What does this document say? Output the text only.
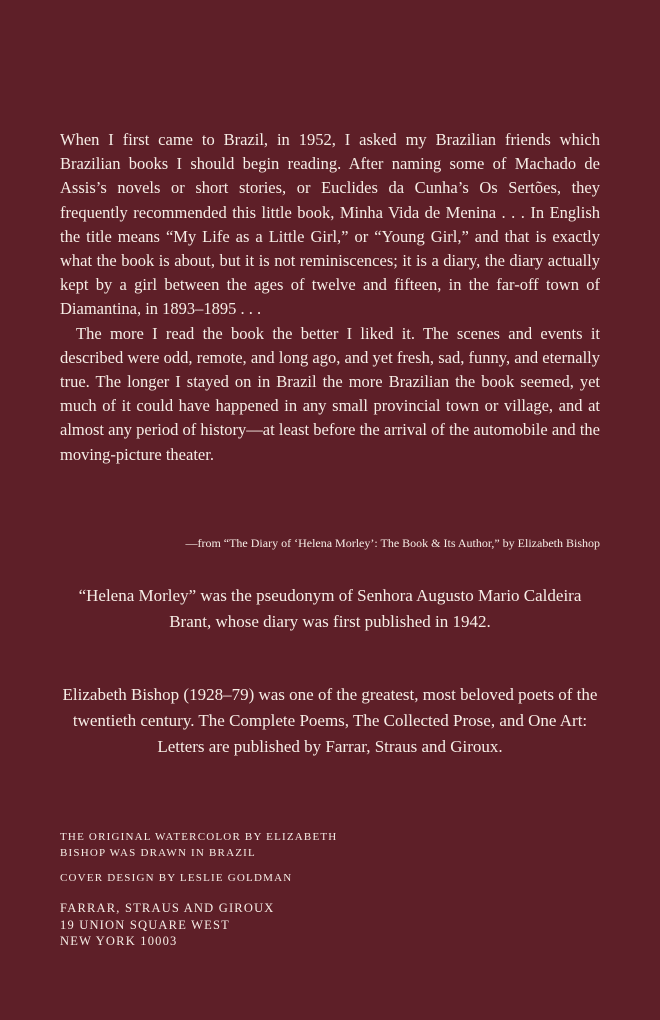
When I first came to Brazil, in 1952, I asked my Brazilian friends which Brazilian books I should begin reading. After naming some of Machado de Assis’s novels or short stories, or Euclides da Cunha’s Os Sertões, they frequently recommended this little book, Minha Vida de Menina . . . In English the title means “My Life as a Little Girl,” or “Young Girl,” and that is exactly what the book is about, but it is not reminiscences; it is a diary, the diary actually kept by a girl between the ages of twelve and fifteen, in the far-off town of Diamantina, in 1893–1895 . . .

The more I read the book the better I liked it. The scenes and events it described were odd, remote, and long ago, and yet fresh, sad, funny, and eternally true. The longer I stayed on in Brazil the more Brazilian the book seemed, yet much of it could have happened in any small provincial town or village, and at almost any period of history—at least before the arrival of the automobile and the moving-picture theater.

—from “The Diary of ‘Helena Morley’: The Book & Its Author,” by Elizabeth Bishop
“Helena Morley” was the pseudonym of Senhora Augusto Mario Caldeira Brant, whose diary was first published in 1942.
Elizabeth Bishop (1928–79) was one of the greatest, most beloved poets of the twentieth century. The Complete Poems, The Collected Prose, and One Art: Letters are published by Farrar, Straus and Giroux.
THE ORIGINAL WATERCOLOR BY ELIZABETH
BISHOP WAS DRAWN IN BRAZIL
COVER DESIGN BY LESLIE GOLDMAN
FARRAR, STRAUS AND GIROUX
19 UNION SQUARE WEST
NEW YORK 10003
